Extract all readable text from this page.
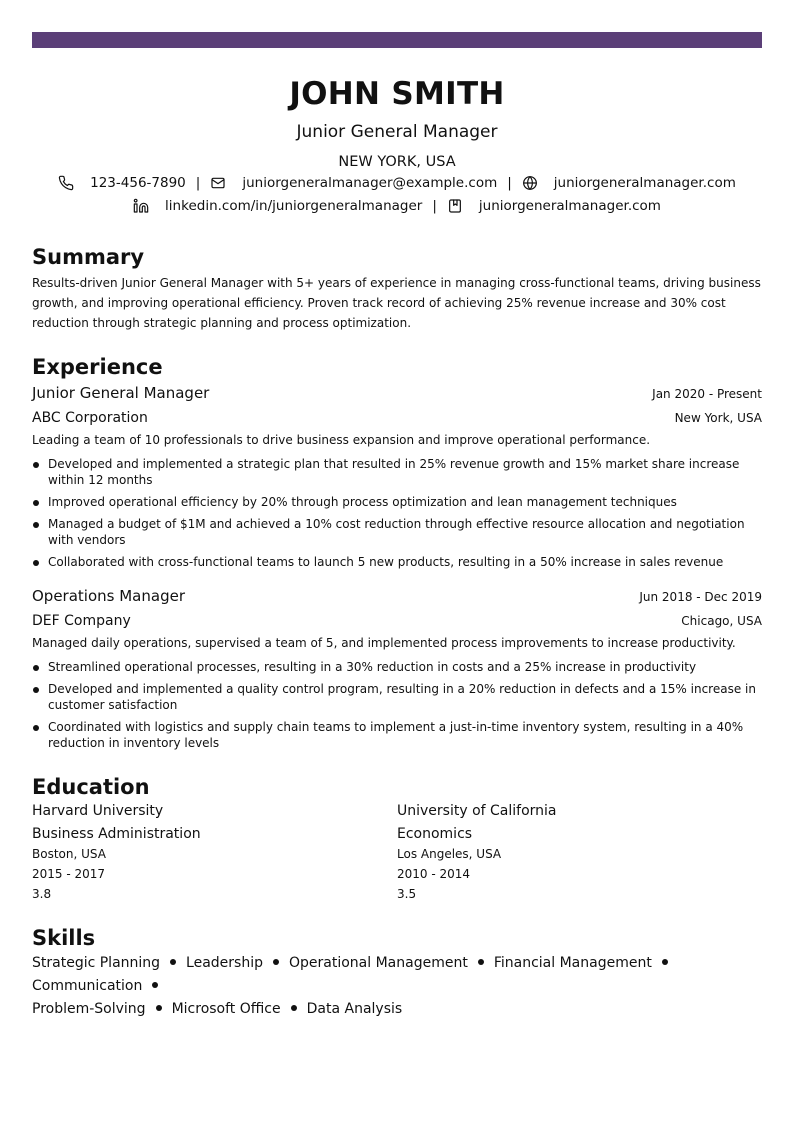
JOHN SMITH
Junior General Manager
NEW YORK, USA
123-456-7890 |	juniorgeneralmanager@example.com |	juniorgeneralmanager.com
linkedin.com/in/juniorgeneralmanager |	juniorgeneralmanager.com
Summary
Results-driven Junior General Manager with 5+ years of experience in managing cross-functional teams, driving business growth, and improving operational efficiency. Proven track record of achieving 25% revenue increase and 30% cost reduction through strategic planning and process optimization.
Experience
Junior General Manager	Jan 2020 - Present
ABC Corporation	New York, USA
Leading a team of 10 professionals to drive business expansion and improve operational performance.
Developed and implemented a strategic plan that resulted in 25% revenue growth and 15% market share increase within 12 months
Improved operational efficiency by 20% through process optimization and lean management techniques
Managed a budget of $1M and achieved a 10% cost reduction through effective resource allocation and negotiation with vendors
Collaborated with cross-functional teams to launch 5 new products, resulting in a 50% increase in sales revenue
Operations Manager	Jun 2018 - Dec 2019
DEF Company	Chicago, USA
Managed daily operations, supervised a team of 5, and implemented process improvements to increase productivity.
Streamlined operational processes, resulting in a 30% reduction in costs and a 25% increase in productivity
Developed and implemented a quality control program, resulting in a 20% reduction in defects and a 15% increase in customer satisfaction
Coordinated with logistics and supply chain teams to implement a just-in-time inventory system, resulting in a 40% reduction in inventory levels
Education
Harvard University
Business Administration
Boston, USA
2015 - 2017
3.8
University of California
Economics
Los Angeles, USA
2010 - 2014
3.5
Skills
Strategic Planning Leadership Operational Management Financial ManagementCommunication
Problem-Solving Microsoft Office Data Analysis
